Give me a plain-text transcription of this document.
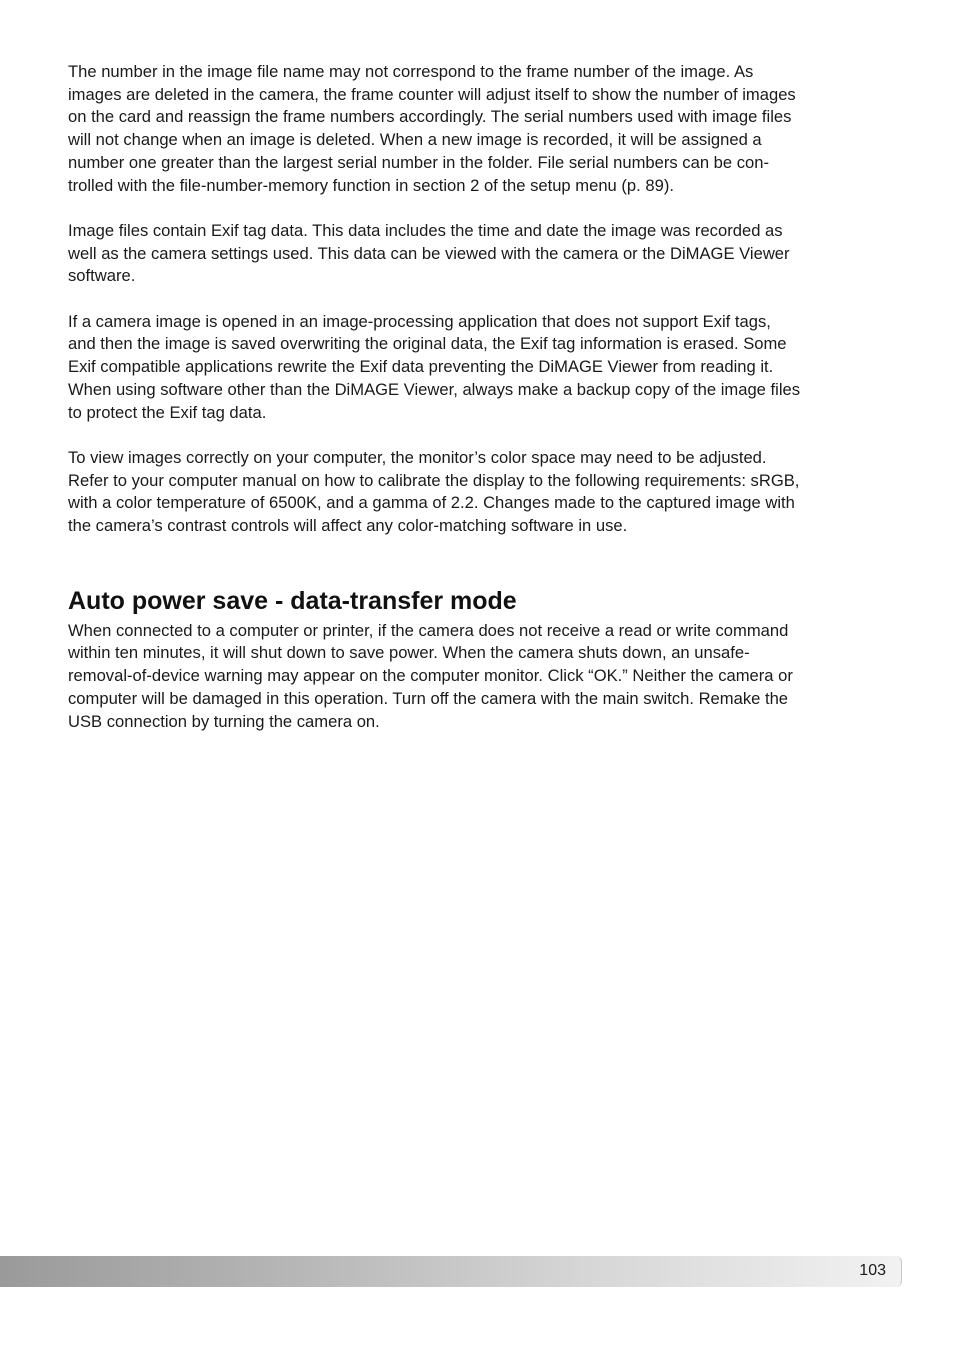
The number in the image file name may not correspond to the frame number of the image. As
images are deleted in the camera, the frame counter will adjust itself to show the number of images
on the card and reassign the frame numbers accordingly. The serial numbers used with image files
will not change when an image is deleted. When a new image is recorded, it will be assigned a
number one greater than the largest serial number in the folder. File serial numbers can be con-
trolled with the file-number-memory function in section 2 of the setup menu (p. 89).

Image files contain Exif tag data. This data includes the time and date the image was recorded as
well as the camera settings used. This data can be viewed with the camera or the DiMAGE Viewer
software.

If a camera image is opened in an image-processing application that does not support Exif tags,
and then the image is saved overwriting the original data, the Exif tag information is erased. Some
Exif compatible applications rewrite the Exif data preventing the DiMAGE Viewer from reading it.
When using software other than the DiMAGE Viewer, always make a backup copy of the image files
to protect the Exif tag data.

To view images correctly on your computer, the monitor’s color space may need to be adjusted.
Refer to your computer manual on how to calibrate the display to the following requirements: sRGB,
with a color temperature of 6500K, and a gamma of 2.2. Changes made to the captured image with
the camera’s contrast controls will affect any color-matching software in use.

Auto power save - data-transfer mode

When connected to a computer or printer, if the camera does not receive a read or write command
within ten minutes, it will shut down to save power. When the camera shuts down, an unsafe-
removal-of-device warning may appear on the computer monitor. Click “OK.” Neither the camera or
computer will be damaged in this operation. Turn off the camera with the main switch. Remake the
USB connection by turning the camera on.

103
